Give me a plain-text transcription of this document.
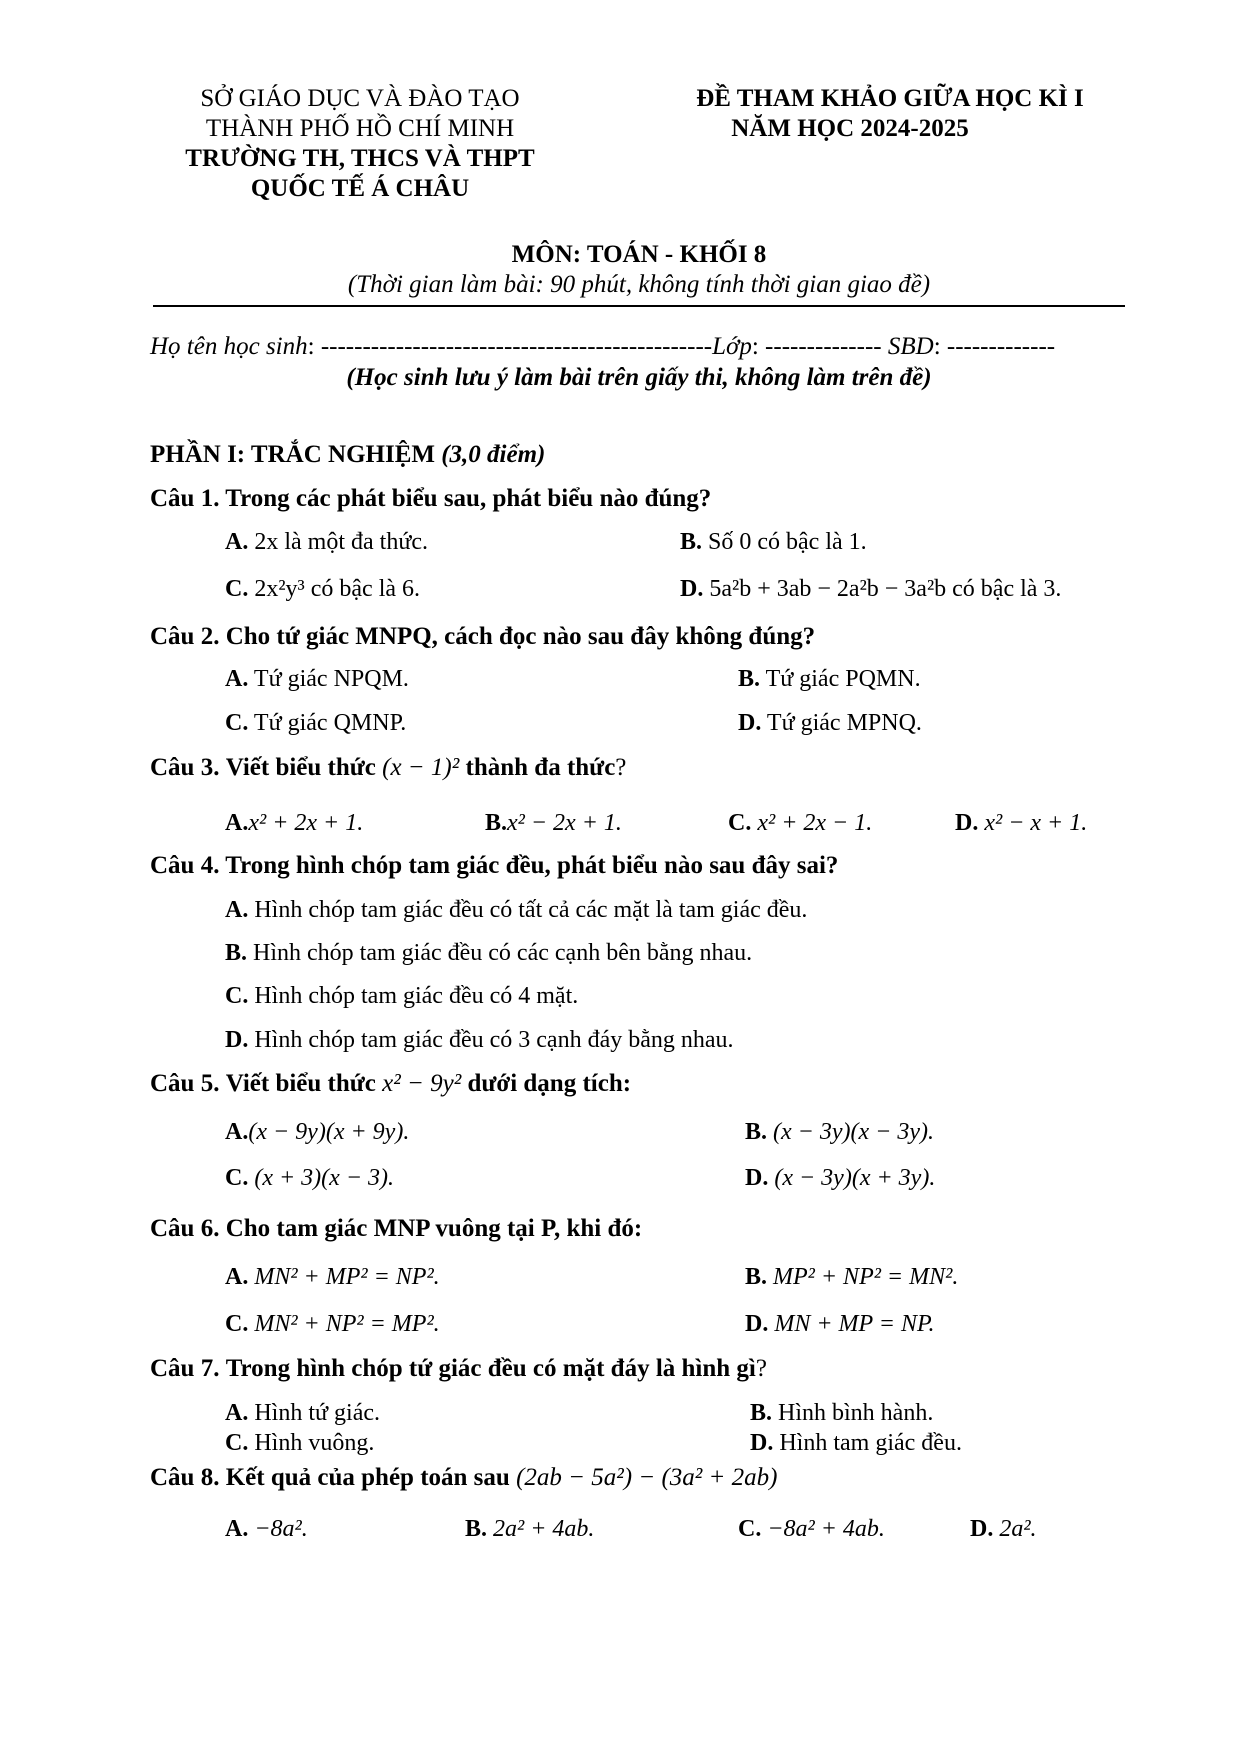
SỞ GIÁO DỤC VÀ ĐÀO TẠO
THÀNH PHỐ HỒ CHÍ MINH
TRƯỜNG TH, THCS VÀ THPT
QUỐC TẾ Á CHÂU
ĐỀ THAM KHẢO GIỮA HỌC KÌ I
NĂM HỌC 2024-2025
MÔN: TOÁN - KHỐI 8
(Thời gian làm bài: 90 phút, không tính thời gian giao đề)
Họ tên học sinh: -----------------------------------------------Lớp: -------------- SBD: -------------
(Học sinh lưu ý làm bài trên giấy thi, không làm trên đề)
PHẦN I: TRẮC NGHIỆM (3,0 điểm)
Câu 1. Trong các phát biểu sau, phát biểu nào đúng?
A. 2x là một đa thức.	B. Số 0 có bậc là 1.
C. 2x²y³ có bậc là 6.	D. 5a²b + 3ab − 2a²b − 3a²b có bậc là 3.
Câu 2. Cho tứ giác MNPQ, cách đọc nào sau đây không đúng?
A. Tứ giác NPQM.	B. Tứ giác PQMN.
C. Tứ giác QMNP.	D. Tứ giác MPNQ.
Câu 3. Viết biểu thức (x − 1)² thành đa thức?
A.x² + 2x + 1.	B.x² − 2x + 1.	C. x² + 2x − 1.	D. x² − x + 1.
Câu 4. Trong hình chóp tam giác đều, phát biểu nào sau đây sai?
A. Hình chóp tam giác đều có tất cả các mặt là tam giác đều.
B. Hình chóp tam giác đều có các cạnh bên bằng nhau.
C. Hình chóp tam giác đều có 4 mặt.
D. Hình chóp tam giác đều có 3 cạnh đáy bằng nhau.
Câu 5. Viết biểu thức x² − 9y² dưới dạng tích:
A.(x − 9y)(x + 9y).	B. (x − 3y)(x − 3y).
C. (x + 3)(x − 3).	D. (x − 3y)(x + 3y).
Câu 6. Cho tam giác MNP vuông tại P, khi đó:
A. MN² + MP² = NP².	B. MP² + NP² = MN².
C. MN² + NP² = MP².	D. MN + MP = NP.
Câu 7. Trong hình chóp tứ giác đều có mặt đáy là hình gì?
A. Hình tứ giác.	B. Hình bình hành.
C. Hình vuông.	D. Hình tam giác đều.
Câu 8. Kết quả của phép toán sau (2ab − 5a²) − (3a² + 2ab)
A. −8a².	B. 2a² + 4ab.	C. −8a² + 4ab.	D. 2a².
